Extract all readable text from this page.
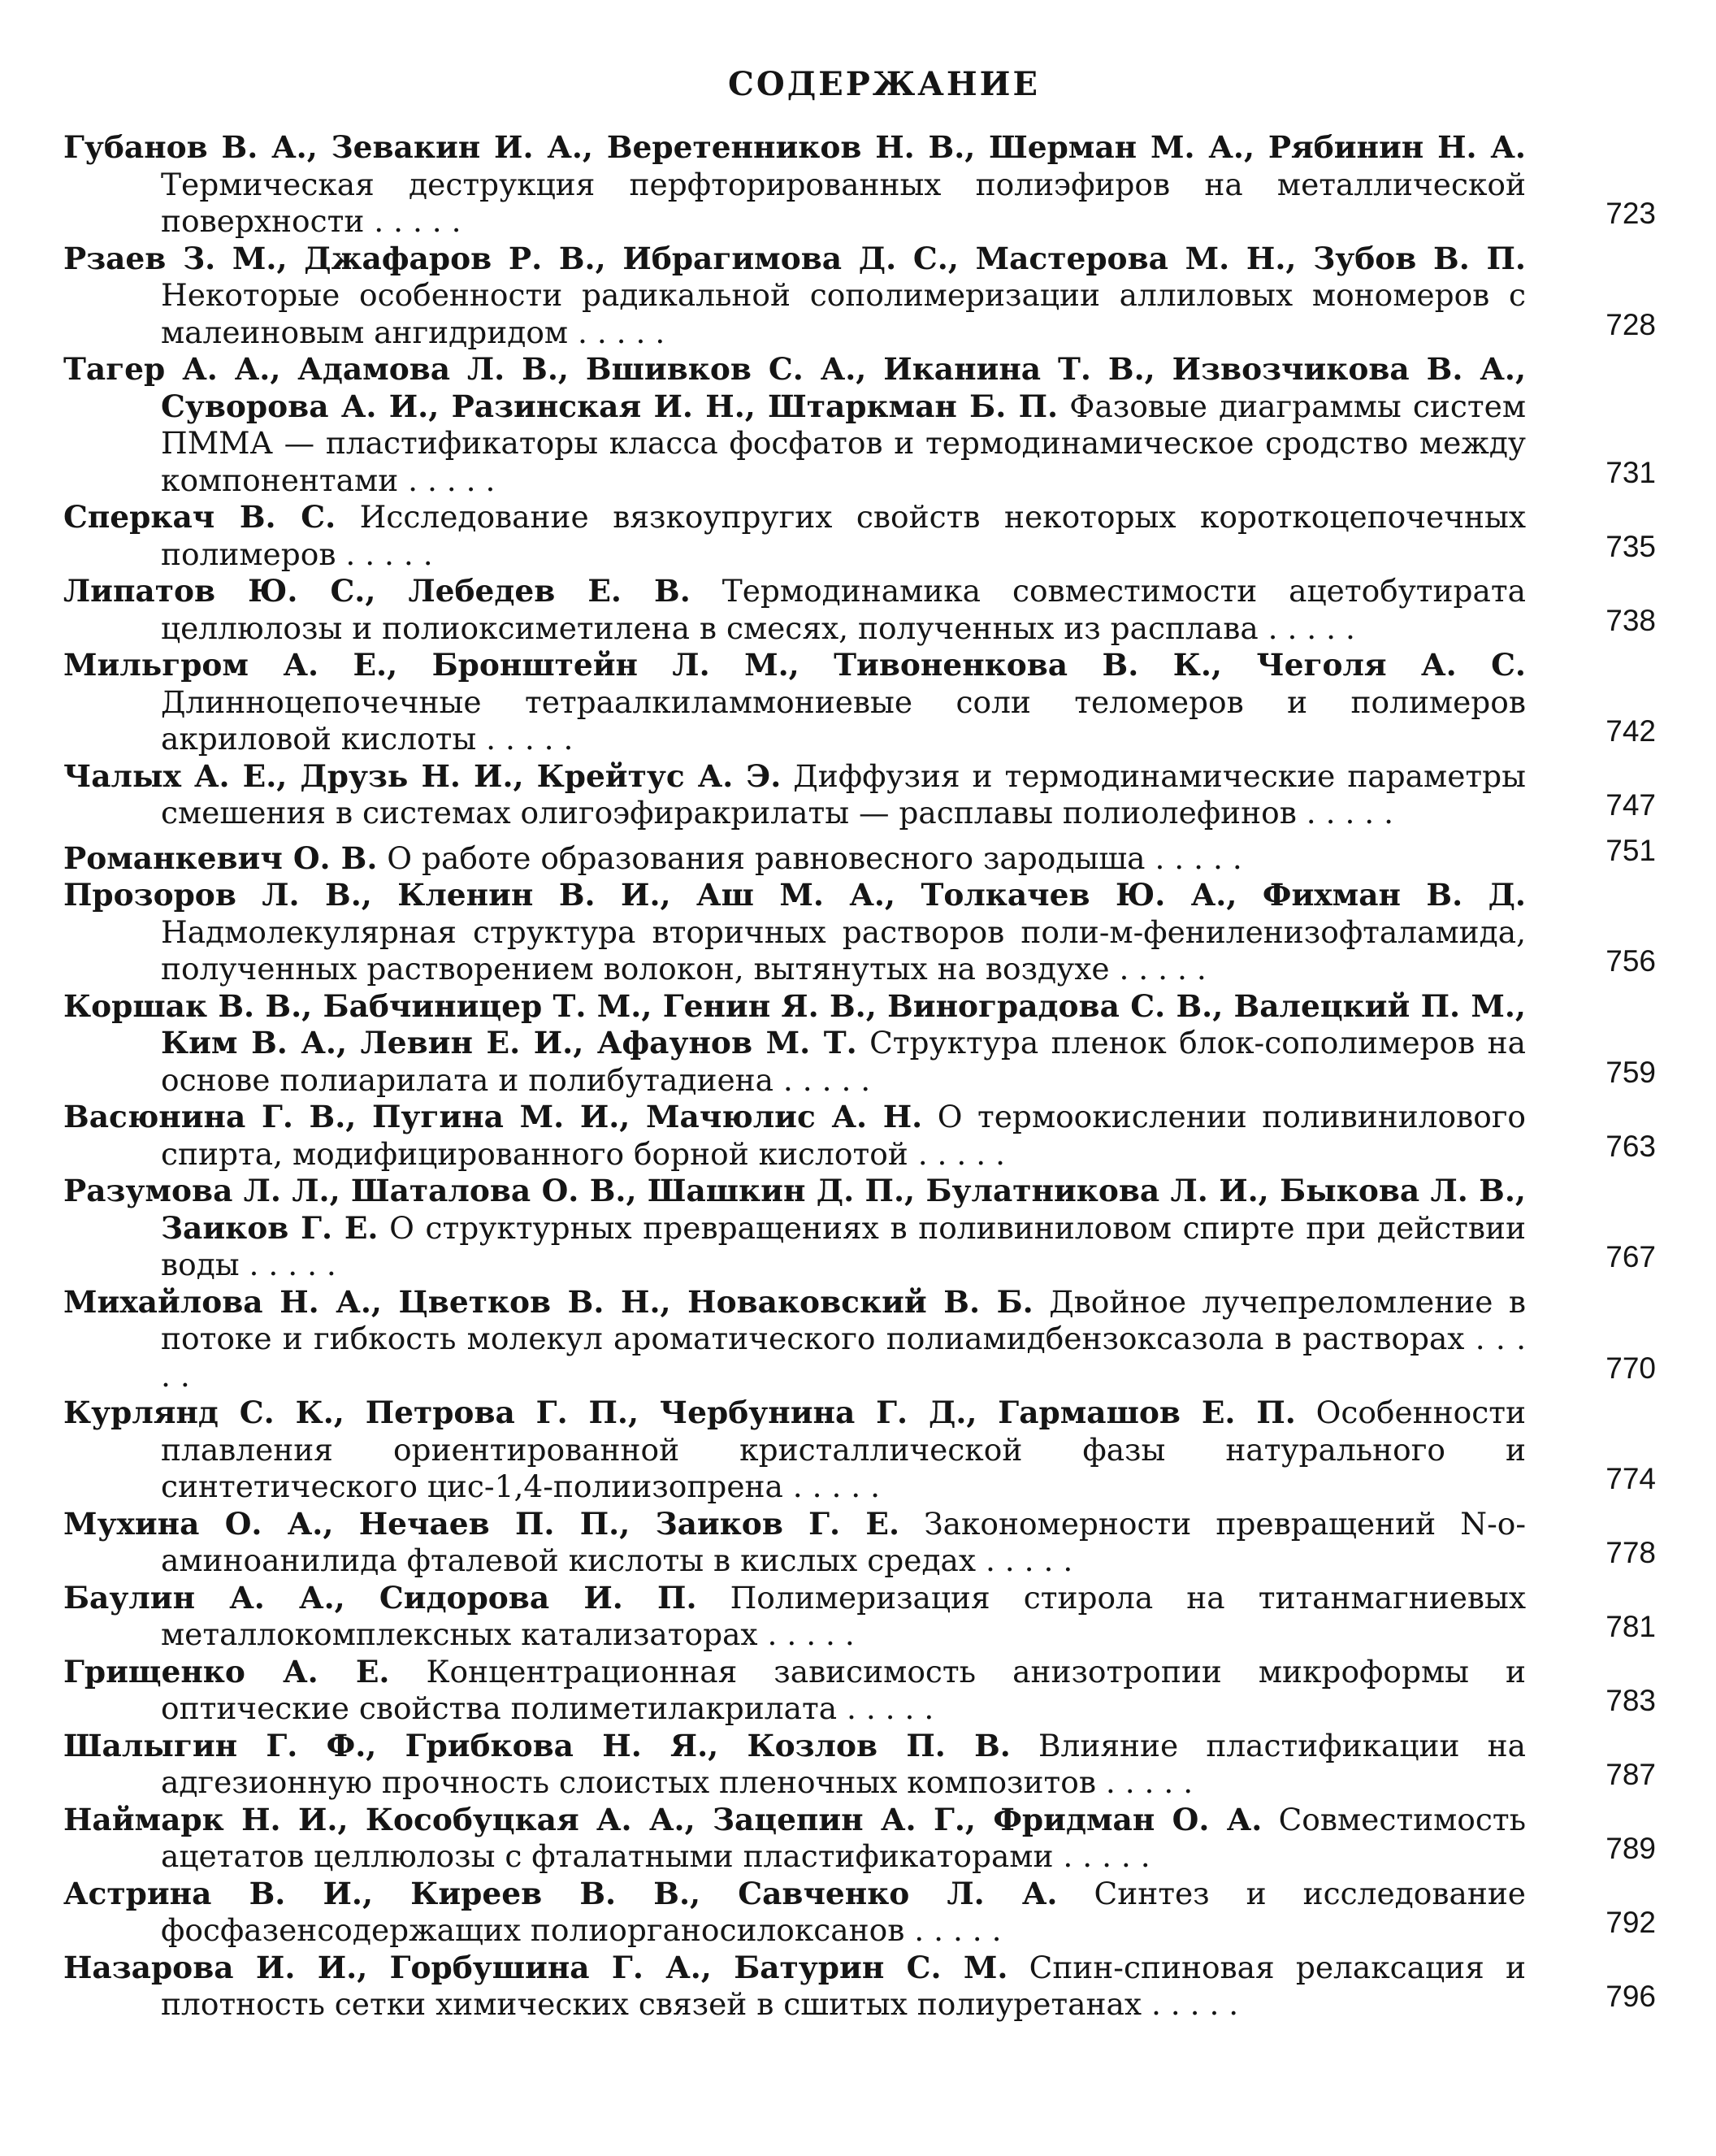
СОДЕРЖАНИЕ
Губанов В. А., Зевакин И. А., Веретенников Н. В., Шерман М. А., Рябинин Н. А. Термическая деструкция перфторированных полиэфиров на металлической поверхности . . . . .	723
Рзаев З. М., Джафаров Р. В., Ибрагимова Д. С., Мастерова М. Н., Зубов В. П. Некоторые особенности радикальной сополимеризации аллиловых мономеров с малеиновым ангидридом . . . . .	728
Тагер А. А., Адамова Л. В., Вшивков С. А., Иканина Т. В., Извозчикова В. А., Суворова А. И., Разинская И. Н., Штаркман Б. П. Фазовые диаграммы систем ПММА — пластификаторы класса фосфатов и термодинамическое сродство между компонентами . . . . .	731
Сперкач В. С. Исследование вязкоупругих свойств некоторых короткоцепочечных полимеров . . . . .	735
Липатов Ю. С., Лебедев Е. В. Термодинамика совместимости ацетобутирата целлюлозы и полиоксиметилена в смесях, полученных из расплава . . . . .	738
Мильгром А. Е., Бронштейн Л. М., Тивоненкова В. К., Чеголя А. С. Длинноцепочечные тетраалкиламмониевые соли теломеров и полимеров акриловой кислоты . . . . .	742
Чалых А. Е., Друзь Н. И., Крейтус А. Э. Диффузия и термодинамические параметры смешения в системах олигоэфиракрилаты — расплавы полиолефинов . . . . .	747
Романкевич О. В. О работе образования равновесного зародыша . . . . .	751
Прозоров Л. В., Кленин В. И., Аш М. А., Толкачев Ю. А., Фихман В. Д. Надмолекулярная структура вторичных растворов поли-м-фениленизофталамида, полученных растворением волокон, вытянутых на воздухе . . . . .	756
Коршак В. В., Бабчиницер Т. М., Генин Я. В., Виноградова С. В., Валецкий П. М., Ким В. А., Левин Е. И., Афаунов М. Т. Структура пленок блок-сополимеров на основе полиарилата и полибутадиена . . . . .	759
Васюнина Г. В., Пугина М. И., Мачюлис А. Н. О термоокислении поливинилового спирта, модифицированного борной кислотой . . . . .	763
Разумова Л. Л., Шаталова О. В., Шашкин Д. П., Булатникова Л. И., Быкова Л. В., Заиков Г. Е. О структурных превращениях в поливиниловом спирте при действии воды . . . . .	767
Михайлова Н. А., Цветков В. Н., Новаковский В. Б. Двойное лучепреломление в потоке и гибкость молекул ароматического полиамидбензоксазола в растворах . . . . .	770
Курлянд С. К., Петрова Г. П., Чербунина Г. Д., Гармашов Е. П. Особенности плавления ориентированной кристаллической фазы натурального и синтетического цис-1,4-полиизопрена . . . . .	774
Мухина О. А., Нечаев П. П., Заиков Г. Е. Закономерности превращений N-o-аминоанилида фталевой кислоты в кислых средах . . . . .	778
Баулин А. А., Сидорова И. П. Полимеризация стирола на титанмагниевых металлокомплексных катализаторах . . . . .	781
Грищенко А. Е. Концентрационная зависимость анизотропии микроформы и оптические свойства полиметилакрилата . . . . .	783
Шалыгин Г. Ф., Грибкова Н. Я., Козлов П. В. Влияние пластификации на адгезионную прочность слоистых пленочных композитов . . . . .	787
Наймарк Н. И., Кособуцкая А. А., Зацепин А. Г., Фридман О. А. Совместимость ацетатов целлюлозы с фталатными пластификаторами . . . . .	789
Астрина В. И., Киреев В. В., Савченко Л. А. Синтез и исследование фосфазенсодержащих полиорганосилоксанов . . . . .	792
Назарова И. И., Горбушина Г. А., Батурин С. М. Спин-спиновая релаксация и плотность сетки химических связей в сшитых полиуретанах . . . . .	796
